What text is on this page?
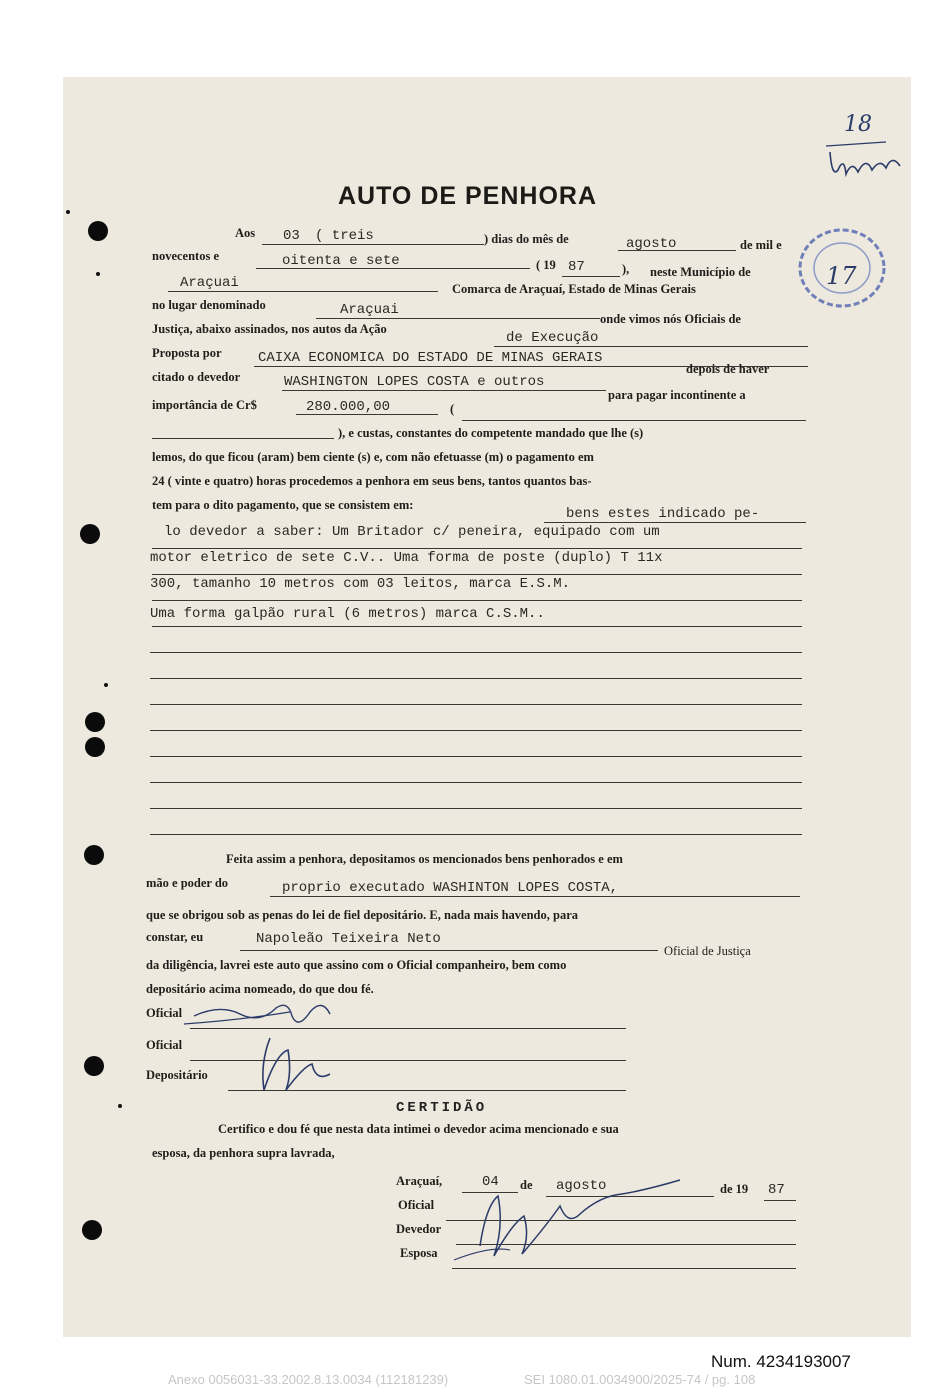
18
17
AUTO DE PENHORA
Aos 03 ( treis	) dias do mês de	agosto	de mil e
novecentos e	oitenta e sete	( 19 87	), neste Município de
Araçuai	Comarca de Araçuaí, Estado de Minas Gerais
no lugar denominado	Araçuai
onde vimos nós Oficiais de
Justiça, abaixo assinados, nos autos da Ação
de Execução
Proposta por	CAIXA ECONOMICA DO ESTADO DE MINAS GERAIS
depois de haver
citado o devedor	WASHINGTON LOPES COSTA e outros
para pagar incontinente a
importância de Cr$	280.000,00	(
), e custas, constantes do competente mandado que lhe (s)
lemos, do que ficou (aram) bem ciente (s) e, com não efetuasse (m) o pagamento em
24 ( vinte e quatro) horas procedemos a penhora em seus bens, tantos quantos bas-
tem para o dito pagamento, que se consistem em:
bens estes indicado pe-
lo devedor a saber: Um Britador c/ peneira, equipado com um
motor eletrico de sete C.V.. Uma forma de poste (duplo) T 11x
300, tamanho 10 metros com 03 leitos, marca E.S.M.
Uma forma galpão rural (6 metros) marca C.S.M..
Feita assim a penhora, depositamos os mencionados bens penhorados e em
mão e poder do	proprio executado WASHINTON LOPES COSTA,
que se obrigou sob as penas do lei de fiel depositário. E, nada mais havendo, para
constar, eu	Napoleão Teixeira Neto
Oficial de Justiça
da diligência, lavrei este auto que assino com o Oficial companheiro, bem como
depositário acima nomeado, do que dou fé.
Oficial
Oficial
Depositário
CERTIDÃO
Certifico e dou fé que nesta data intimei o devedor acima mencionado e sua
esposa, da penhora supra lavrada,
Araçuaí,	04 de agosto	de 19 87
Oficial
Devedor
Esposa
Num. 4234193007
Anexo 0056031-33.2002.8.13.0034 (112181239)	SEI 1080.01.0034900/2025-74 / pg. 108
